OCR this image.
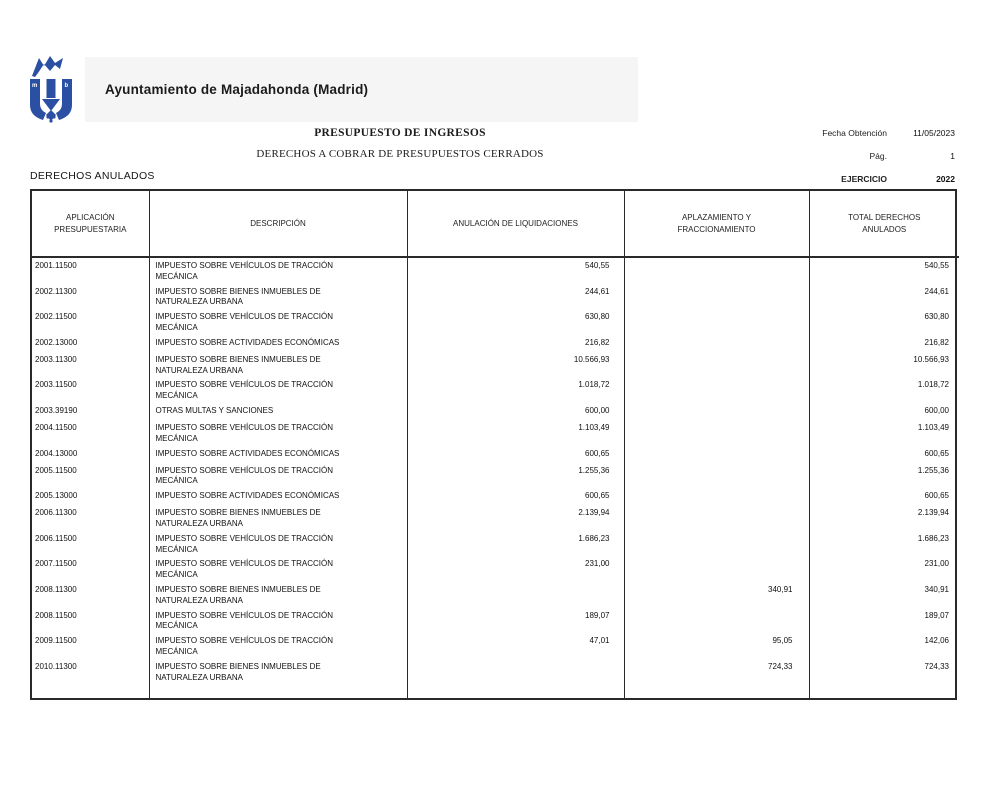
m	b	Ayuntamiento de Majadahonda (Madrid)
PRESUPUESTO DE INGRESOS
DERECHOS A COBRAR DE PRESUPUESTOS CERRADOS
Fecha Obtención	11/05/2023
Pág.	1
EJERCICIO	2022
DERECHOS ANULADOS
APLICACIÓN
PRESUPUESTARIA	DESCRIPCIÓN	ANULACIÓN DE LIQUIDACIONES	APLAZAMIENTO Y
FRACCIONAMIENTO	TOTAL DERECHOS
ANULADOS
2001.11500	IMPUESTO SOBRE VEHÍCULOS DE TRACCIÓN
MECÁNICA	540,55		540,55
2002.11300	IMPUESTO SOBRE BIENES INMUEBLES DE
NATURALEZA URBANA	244,61		244,61
2002.11500	IMPUESTO SOBRE VEHÍCULOS DE TRACCIÓN
MECÁNICA	630,80		630,80
2002.13000	IMPUESTO SOBRE ACTIVIDADES ECONÓMICAS	216,82		216,82
2003.11300	IMPUESTO SOBRE BIENES INMUEBLES DE
NATURALEZA URBANA	10.566,93		10.566,93
2003.11500	IMPUESTO SOBRE VEHÍCULOS DE TRACCIÓN
MECÁNICA	1.018,72		1.018,72
2003.39190	OTRAS MULTAS Y SANCIONES	600,00		600,00
2004.11500	IMPUESTO SOBRE VEHÍCULOS DE TRACCIÓN
MECÁNICA	1.103,49		1.103,49
2004.13000	IMPUESTO SOBRE ACTIVIDADES ECONÓMICAS	600,65		600,65
2005.11500	IMPUESTO SOBRE VEHÍCULOS DE TRACCIÓN
MECÁNICA	1.255,36		1.255,36
2005.13000	IMPUESTO SOBRE ACTIVIDADES ECONÓMICAS	600,65		600,65
2006.11300	IMPUESTO SOBRE BIENES INMUEBLES DE
NATURALEZA URBANA	2.139,94		2.139,94
2006.11500	IMPUESTO SOBRE VEHÍCULOS DE TRACCIÓN
MECÁNICA	1.686,23		1.686,23
2007.11500	IMPUESTO SOBRE VEHÍCULOS DE TRACCIÓN
MECÁNICA	231,00		231,00
2008.11300	IMPUESTO SOBRE BIENES INMUEBLES DE
NATURALEZA URBANA		340,91	340,91
2008.11500	IMPUESTO SOBRE VEHÍCULOS DE TRACCIÓN
MECÁNICA	189,07		189,07
2009.11500	IMPUESTO SOBRE VEHÍCULOS DE TRACCIÓN
MECÁNICA	47,01	95,05	142,06
2010.11300	IMPUESTO SOBRE BIENES INMUEBLES DE
NATURALEZA URBANA		724,33	724,33
